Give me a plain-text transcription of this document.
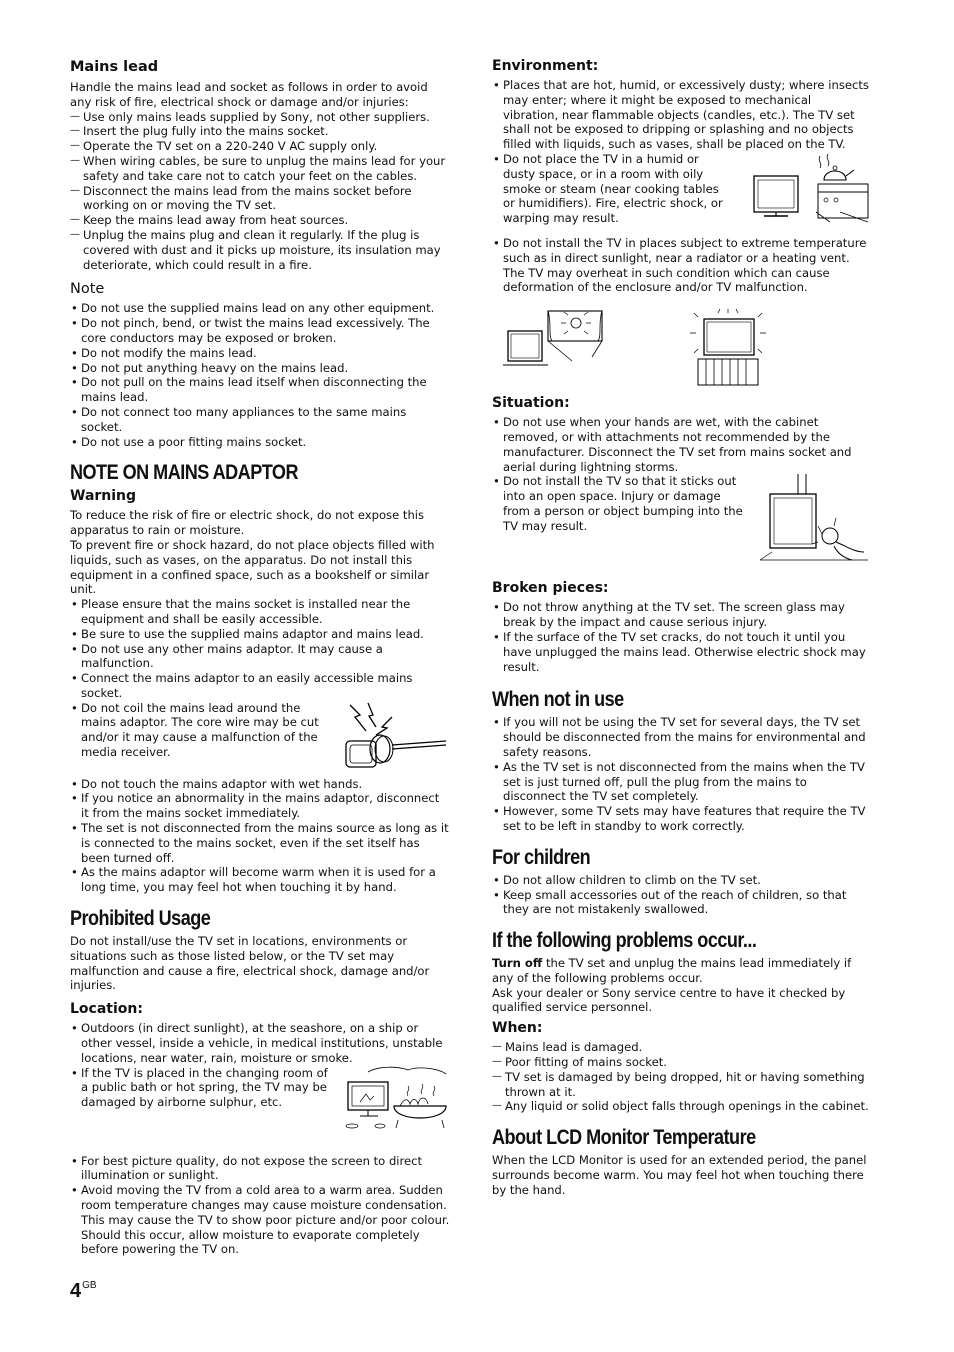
Mains lead

Handle the mains lead and socket as follows in order to avoid any risk of fire, electrical shock or damage and/or injuries:

— Use only mains leads supplied by Sony, not other suppliers.
— Insert the plug fully into the mains socket.
— Operate the TV set on a 220-240 V AC supply only.
— When wiring cables, be sure to unplug the mains lead for your safety and take care not to catch your feet on the cables.
— Disconnect the mains lead from the mains socket before working on or moving the TV set.
— Keep the mains lead away from heat sources.
— Unplug the mains plug and clean it regularly. If the plug is covered with dust and it picks up moisture, its insulation may deteriorate, which could result in a fire.
Note
• Do not use the supplied mains lead on any other equipment.
• Do not pinch, bend, or twist the mains lead excessively. The core conductors may be exposed or broken.
• Do not modify the mains lead.
• Do not put anything heavy on the mains lead.
• Do not pull on the mains lead itself when disconnecting the mains lead.
• Do not connect too many appliances to the same mains socket.
• Do not use a poor fitting mains socket.
NOTE ON MAINS ADAPTOR
Warning

To reduce the risk of fire or electric shock, do not expose this apparatus to rain or moisture.

To prevent fire or shock hazard, do not place objects filled with liquids, such as vases, on the apparatus. Do not install this equipment in a confined space, such as a bookshelf or similar unit.

• Please ensure that the mains socket is installed near the equipment and shall be easily accessible.
• Be sure to use the supplied mains adaptor and mains lead.
• Do not use any other mains adaptor. It may cause a malfunction.
• Connect the mains adaptor to an easily accessible mains socket.
• Do not coil the mains lead around the mains adaptor. The core wire may be cut and/or it may cause a malfunction of the media receiver.
• Do not touch the mains adaptor with wet hands.
• If you notice an abnormality in the mains adaptor, disconnect it from the mains socket immediately.
• The set is not disconnected from the mains source as long as it is connected to the mains socket, even if the set itself has been turned off.
• As the mains adaptor will become warm when it is used for a long time, you may feel hot when touching it by hand.
Prohibited Usage

Do not install/use the TV set in locations, environments or situations such as those listed below, or the TV set may malfunction and cause a fire, electrical shock, damage and/or injuries.

Location:
• Outdoors (in direct sunlight), at the seashore, on a ship or other vessel, inside a vehicle, in medical institutions, unstable locations, near water, rain, moisture or smoke.
• If the TV is placed in the changing room of a public bath or hot spring, the TV may be damaged by airborne sulphur, etc.
• For best picture quality, do not expose the screen to direct illumination or sunlight.
• Avoid moving the TV from a cold area to a warm area. Sudden room temperature changes may cause moisture condensation. This may cause the TV to show poor picture and/or poor colour. Should this occur, allow moisture to evaporate completely before powering the TV on.
Environment:
• Places that are hot, humid, or excessively dusty; where insects may enter; where it might be exposed to mechanical vibration, near flammable objects (candles, etc.). The TV set shall not be exposed to dripping or splashing and no objects filled with liquids, such as vases, shall be placed on the TV.
• Do not place the TV in a humid or dusty space, or in a room with oily smoke or steam (near cooking tables or humidifiers). Fire, electric shock, or warping may result.
• Do not install the TV in places subject to extreme temperature such as in direct sunlight, near a radiator or a heating vent. The TV may overheat in such condition which can cause deformation of the enclosure and/or TV malfunction.
Situation:
• Do not use when your hands are wet, with the cabinet removed, or with attachments not recommended by the manufacturer. Disconnect the TV set from mains socket and aerial during lightning storms.
• Do not install the TV so that it sticks out into an open space. Injury or damage from a person or object bumping into the TV may result.
Broken pieces:
• Do not throw anything at the TV set. The screen glass may break by the impact and cause serious injury.
• If the surface of the TV set cracks, do not touch it until you have unplugged the mains lead. Otherwise electric shock may result.
When not in use
• If you will not be using the TV set for several days, the TV set should be disconnected from the mains for environmental and safety reasons.
• As the TV set is not disconnected from the mains when the TV set is just turned off, pull the plug from the mains to disconnect the TV set completely.
• However, some TV sets may have features that require the TV set to be left in standby to work correctly.
For children
• Do not allow children to climb on the TV set.
• Keep small accessories out of the reach of children, so that they are not mistakenly swallowed.
If the following problems occur...

Turn off the TV set and unplug the mains lead immediately if any of the following problems occur.

Ask your dealer or Sony service centre to have it checked by qualified service personnel.

When:
— Mains lead is damaged.
— Poor fitting of mains socket.
— TV set is damaged by being dropped, hit or having something thrown at it.
— Any liquid or solid object falls through openings in the cabinet.
About LCD Monitor Temperature

When the LCD Monitor is used for an extended period, the panel surrounds become warm. You may feel hot when touching there by the hand.

$4^{GB}$
